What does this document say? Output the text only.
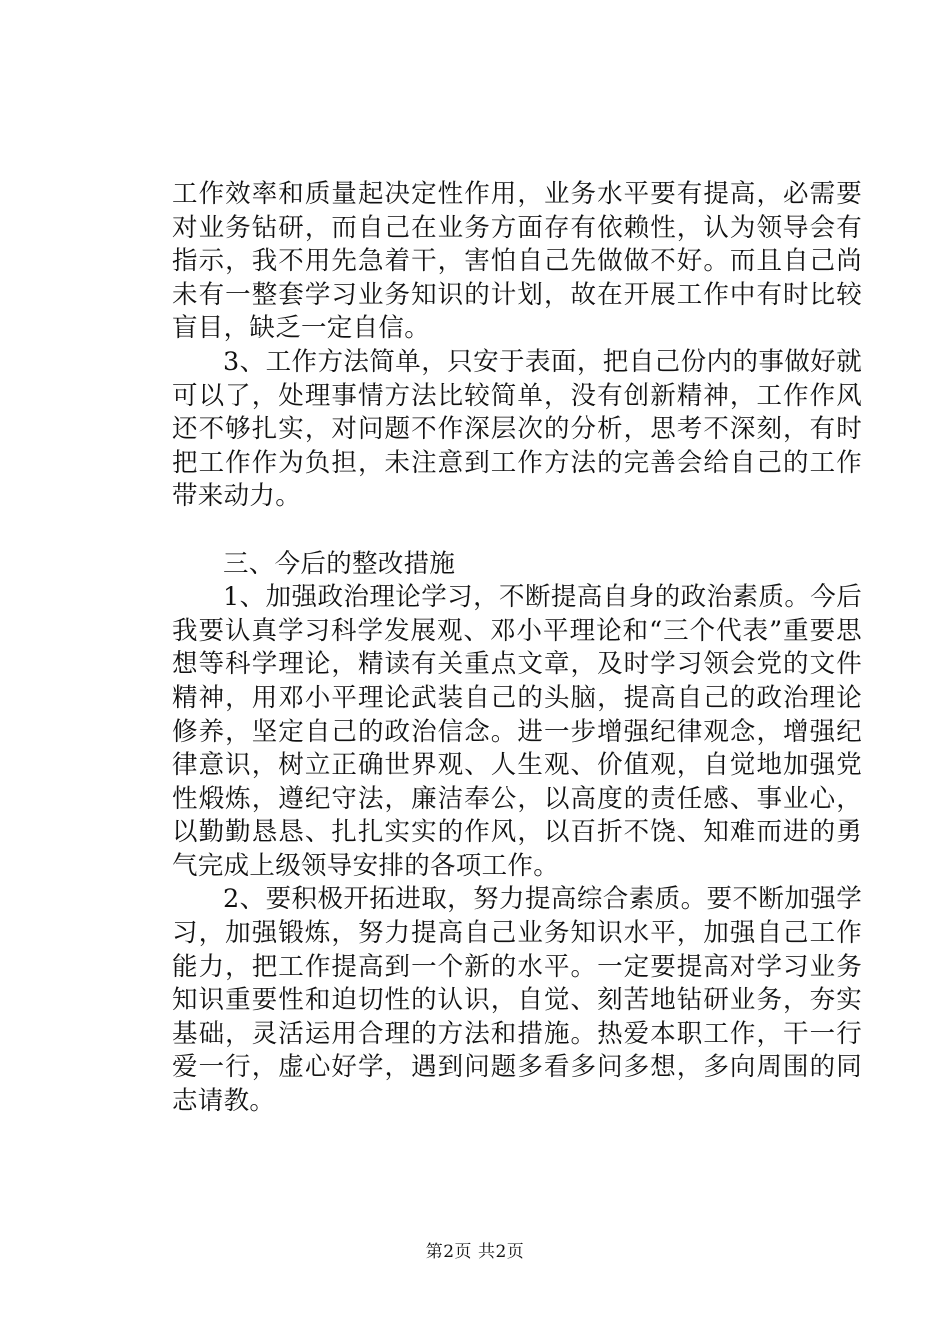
工作效率和质量起决定性作用，业务水平要有提高，必需要对业务钻研，而自己在业务方面存有依赖性，认为领导会有指示，我不用先急着干，害怕自己先做做不好。而且自己尚未有一整套学习业务知识的计划，故在开展工作中有时比较盲目，缺乏一定自信。

3、工作方法简单，只安于表面，把自己份内的事做好就可以了，处理事情方法比较简单，没有创新精神，工作作风还不够扎实，对问题不作深层次的分析，思考不深刻，有时把工作作为负担，未注意到工作方法的完善会给自己的工作带来动力。

三、今后的整改措施

1、加强政治理论学习，不断提高自身的政治素质。今后我要认真学习科学发展观、邓小平理论和“三个代表”重要思想等科学理论，精读有关重点文章，及时学习领会党的文件精神，用邓小平理论武装自己的头脑，提高自己的政治理论修养，坚定自己的政治信念。进一步增强纪律观念，增强纪律意识，树立正确世界观、人生观、价值观，自觉地加强党性煅炼，遵纪守法，廉洁奉公，以高度的责任感、事业心，以勤勤恳恳、扎扎实实的作风，以百折不饶、知难而进的勇气完成上级领导安排的各项工作。

2、要积极开拓进取，努力提高综合素质。要不断加强学习，加强锻炼，努力提高自己业务知识水平，加强自己工作能力，把工作提高到一个新的水平。一定要提高对学习业务知识重要性和迫切性的认识，自觉、刻苦地钻研业务，夯实基础，灵活运用合理的方法和措施。热爱本职工作，干一行爱一行，虚心好学，遇到问题多看多问多想，多向周围的同志请教。

第2页 共2页
